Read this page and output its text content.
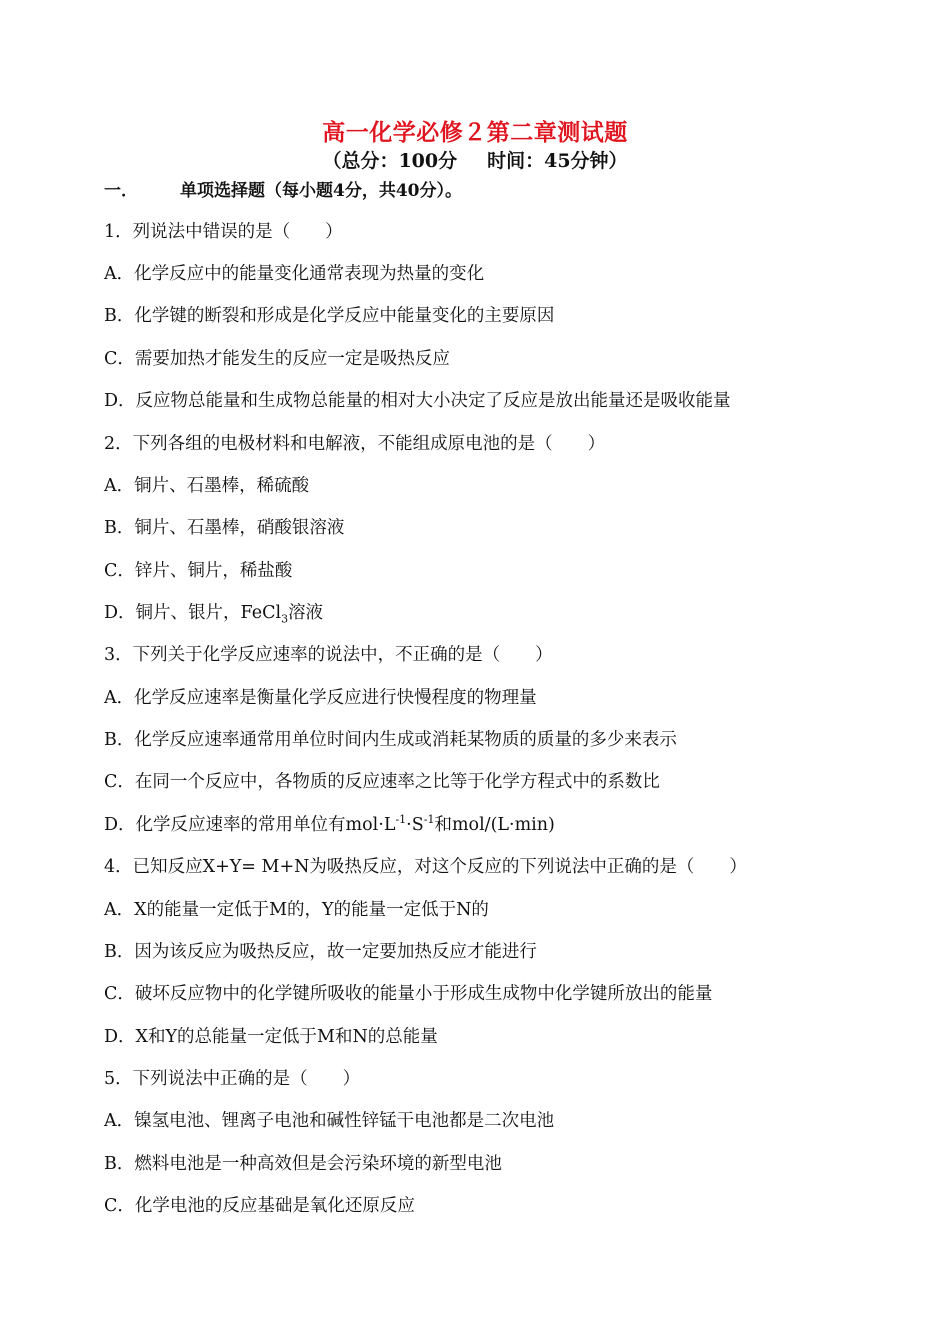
高一化学必修２第二章测试题
（总分：100分 时间：45分钟）
一． 单项选择题（每小题4分，共40分）。
1．列说法中错误的是（　　）
A．化学反应中的能量变化通常表现为热量的变化
B．化学键的断裂和形成是化学反应中能量变化的主要原因
C．需要加热才能发生的反应一定是吸热反应
D．反应物总能量和生成物总能量的相对大小决定了反应是放出能量还是吸收能量
2．下列各组的电极材料和电解液，不能组成原电池的是（　　）
A．铜片、石墨棒，稀硫酸
B．铜片、石墨棒，硝酸银溶液
C．锌片、铜片，稀盐酸
D．铜片、银片，FeCl$_3$溶液
3．下列关于化学反应速率的说法中，不正确的是（　　）
A．化学反应速率是衡量化学反应进行快慢程度的物理量
B．化学反应速率通常用单位时间内生成或消耗某物质的质量的多少来表示
C．在同一个反应中，各物质的反应速率之比等于化学方程式中的系数比
D．化学反应速率的常用单位有$mol\cdot L^{-1}\cdot S^{-1}$和mol/(L·min)
4．已知反应X+Y= M+N为吸热反应，对这个反应的下列说法中正确的是（　　）
A．X的能量一定低于M的，Y的能量一定低于N的
B．因为该反应为吸热反应，故一定要加热反应才能进行
C．破坏反应物中的化学键所吸收的能量小于形成生成物中化学键所放出的能量
D．X和Y的总能量一定低于M和N的总能量
5．下列说法中正确的是（　　）
A．镍氢电池、锂离子电池和碱性锌锰干电池都是二次电池
B．燃料电池是一种高效但是会污染环境的新型电池
C．化学电池的反应基础是氧化还原反应
